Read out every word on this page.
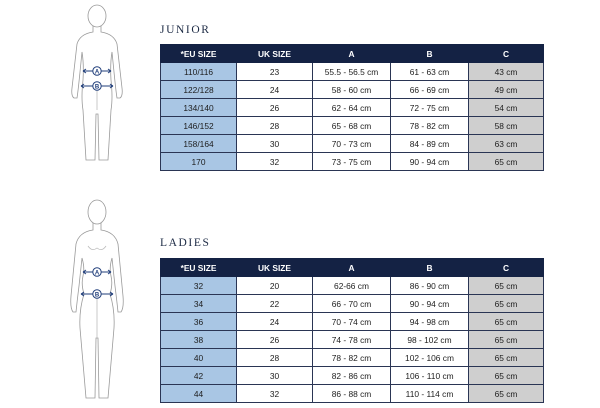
A
B
JUNIOR
*EU SIZE	UK SIZE	A	B	C
110/116	23	55.5 - 56.5 cm	61 - 63 cm	43 cm
122/128	24	58 - 60 cm	66 - 69 cm	49 cm
134/140	26	62 - 64 cm	72 - 75 cm	54 cm
146/152	28	65 - 68 cm	78 - 82 cm	58 cm
158/164	30	70 - 73 cm	84 - 89 cm	63 cm
170	32	73 - 75 cm	90 - 94 cm	65 cm
A
B
LADIES
*EU SIZE	UK SIZE	A	B	C
32	20	62-66 cm	86 - 90 cm	65 cm
34	22	66 - 70 cm	90 - 94 cm	65 cm
36	24	70 - 74 cm	94 - 98 cm	65 cm
38	26	74 - 78 cm	98 - 102 cm	65 cm
40	28	78 - 82 cm	102 - 106 cm	65 cm
42	30	82 - 86 cm	106 - 110 cm	65 cm
44	32	86 - 88 cm	110 - 114 cm	65 cm
